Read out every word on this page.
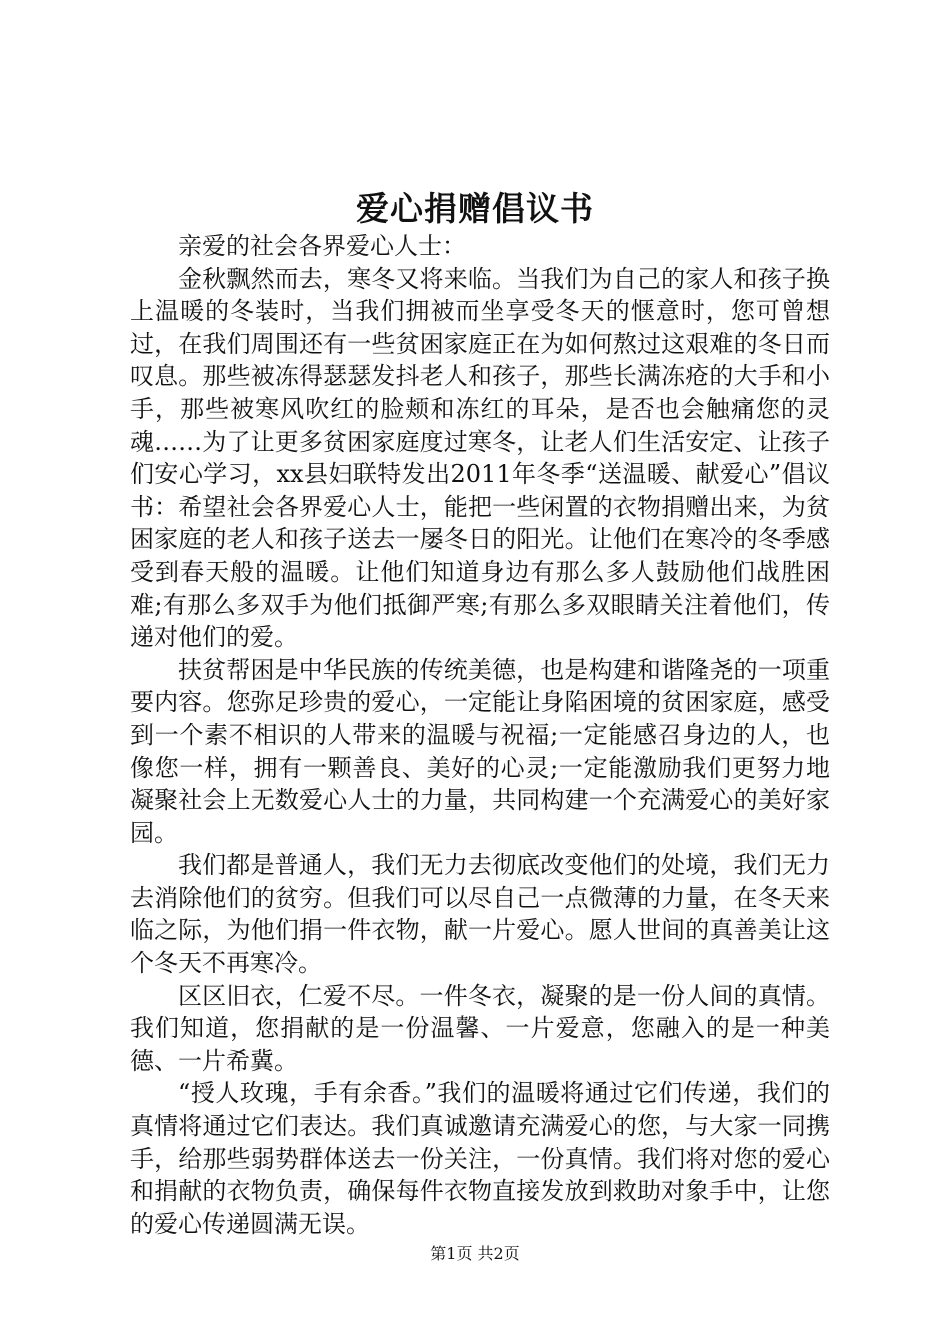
爱心捐赠倡议书

亲爱的社会各界爱心人士：

金秋飘然而去，寒冬又将来临。当我们为自己的家人和孩子换上温暖的冬装时，当我们拥被而坐享受冬天的惬意时，您可曾想过，在我们周围还有一些贫困家庭正在为如何熬过这艰难的冬日而叹息。那些被冻得瑟瑟发抖老人和孩子，那些长满冻疮的大手和小手，那些被寒风吹红的脸颊和冻红的耳朵，是否也会触痛您的灵魂……为了让更多贫困家庭度过寒冬，让老人们生活安定、让孩子们安心学习，xx县妇联特发出2011年冬季“送温暖、献爱心”倡议书：希望社会各界爱心人士，能把一些闲置的衣物捐赠出来，为贫困家庭的老人和孩子送去一屡冬日的阳光。让他们在寒冷的冬季感受到春天般的温暖。让他们知道身边有那么多人鼓励他们战胜困难;有那么多双手为他们抵御严寒;有那么多双眼睛关注着他们，传递对他们的爱。

扶贫帮困是中华民族的传统美德，也是构建和谐隆尧的一项重要内容。您弥足珍贵的爱心，一定能让身陷困境的贫困家庭，感受到一个素不相识的人带来的温暖与祝福;一定能感召身边的人，也像您一样，拥有一颗善良、美好的心灵;一定能激励我们更努力地凝聚社会上无数爱心人士的力量，共同构建一个充满爱心的美好家园。

我们都是普通人，我们无力去彻底改变他们的处境，我们无力去消除他们的贫穷。但我们可以尽自己一点微薄的力量，在冬天来临之际，为他们捐一件衣物，献一片爱心。愿人世间的真善美让这个冬天不再寒冷。

区区旧衣，仁爱不尽。一件冬衣，凝聚的是一份人间的真情。我们知道，您捐献的是一份温馨、一片爱意，您融入的是一种美德、一片希冀。

“授人玫瑰，手有余香。”我们的温暖将通过它们传递，我们的真情将通过它们表达。我们真诚邀请充满爱心的您，与大家一同携手，给那些弱势群体送去一份关注，一份真情。我们将对您的爱心和捐献的衣物负责，确保每件衣物直接发放到救助对象手中，让您的爱心传递圆满无误。

第1页 共2页
